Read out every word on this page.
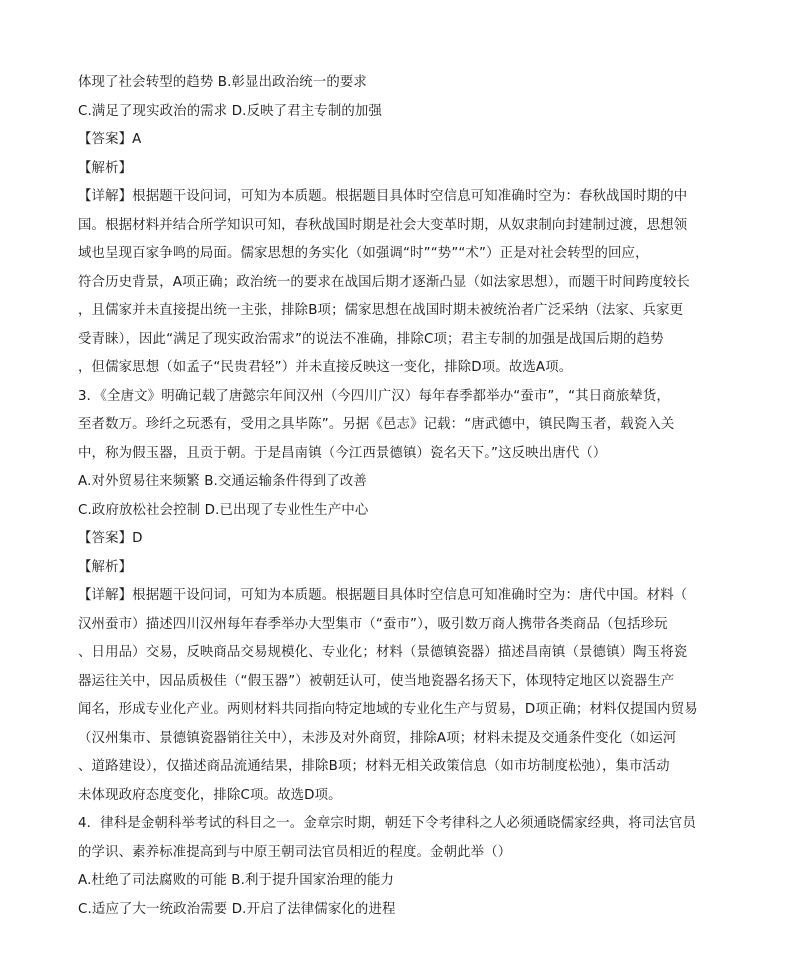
体现了社会转型的趋势 B.彰显出政治统一的要求
C.满足了现实政治的需求 D.反映了君主专制的加强
【答案】A
【解析】
【详解】根据题干设问词，可知为本质题。根据题目具体时空信息可知准确时空为：春秋战国时期的中
国。根据材料并结合所学知识可知，春秋战国时期是社会大变革时期，从奴隶制向封建制过渡，思想领
域也呈现百家争鸣的局面。儒家思想的务实化（如强调“时”“势”“术”）正是对社会转型的回应，
符合历史背景，A项正确；政治统一的要求在战国后期才逐渐凸显（如法家思想），而题干时间跨度较长
，且儒家并未直接提出统一主张，排除B项；儒家思想在战国时期未被统治者广泛采纳（法家、兵家更
受青睐），因此“满足了现实政治需求”的说法不准确，排除C项；君主专制的加强是战国后期的趋势
，但儒家思想（如孟子“民贵君轻”）并未直接反映这一变化，排除D项。故选A项。
3．《全唐文》明确记载了唐懿宗年间汉州（今四川广汉）每年春季都举办“蚕市”，“其日商旅辇货，
至者数万。珍纤之玩悉有，受用之具毕陈”。另据《邑志》记载：“唐武德中，镇民陶玉者，载瓷入关
中，称为假玉器，且贡于朝。于是昌南镇（今江西景德镇）瓷名天下。”这反映出唐代（）
A.对外贸易往来频繁 B.交通运输条件得到了改善
C.政府放松社会控制 D.已出现了专业性生产中心
【答案】D
【解析】
【详解】根据题干设问词，可知为本质题。根据题目具体时空信息可知准确时空为：唐代中国。材料（
汉州蚕市）描述四川汉州每年春季举办大型集市（“蚕市”），吸引数万商人携带各类商品（包括珍玩
、日用品）交易，反映商品交易规模化、专业化；材料（景德镇瓷器）描述昌南镇（景德镇）陶玉将瓷
器运往关中，因品质极佳（“假玉器”）被朝廷认可，使当地瓷器名扬天下，体现特定地区以瓷器生产
闻名，形成专业化产业。两则材料共同指向特定地域的专业化生产与贸易，D项正确；材料仅提国内贸易
（汉州集市、景德镇瓷器销往关中），未涉及对外商贸，排除A项；材料未提及交通条件变化（如运河
、道路建设），仅描述商品流通结果，排除B项；材料无相关政策信息（如市坊制度松弛），集市活动
未体现政府态度变化，排除C项。故选D项。
4．律科是金朝科举考试的科目之一。金章宗时期，朝廷下令考律科之人必须通晓儒家经典，将司法官员
的学识、素养标准提高到与中原王朝司法官员相近的程度。金朝此举（）
A.杜绝了司法腐败的可能 B.利于提升国家治理的能力
C.适应了大一统政治需要 D.开启了法律儒家化的进程
